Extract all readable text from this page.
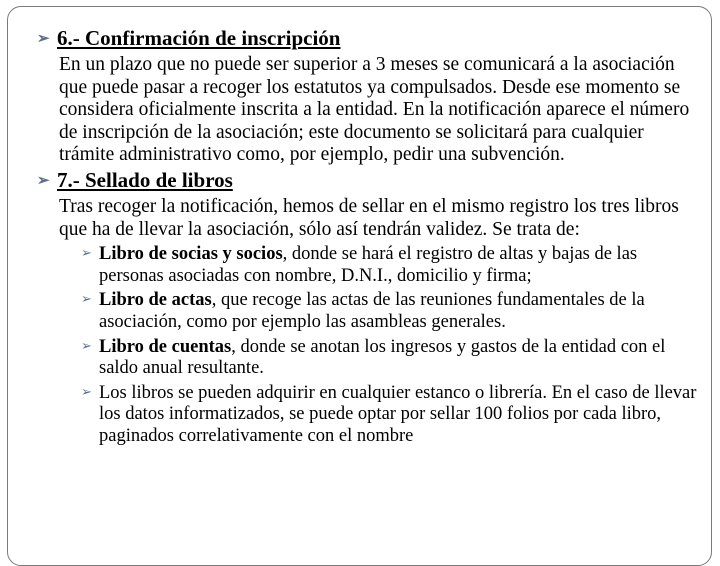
➢ 6.- Confirmación de inscripción

En un plazo que no puede ser superior a 3 meses se comunicará a la asociación que puede pasar a recoger los estatutos ya compulsados. Desde ese momento se considera oficialmente inscrita a la entidad. En la notificación aparece el número de inscripción de la asociación; este documento se solicitará para cualquier trámite administrativo como, por ejemplo, pedir una subvención.

➢ 7.- Sellado de libros

Tras recoger la notificación, hemos de sellar en el mismo registro los tres libros que ha de llevar la asociación, sólo así tendrán validez. Se trata de:

➢ Libro de socias y socios, donde se hará el registro de altas y bajas de las personas asociadas con nombre, D.N.I., domicilio y firma;
➢ Libro de actas, que recoge las actas de las reuniones fundamentales de la asociación, como por ejemplo las asambleas generales.
➢ Libro de cuentas, donde se anotan los ingresos y gastos de la entidad con el saldo anual resultante.
➢ Los libros se pueden adquirir en cualquier estanco o librería. En el caso de llevar los datos informatizados, se puede optar por sellar 100 folios por cada libro, paginados correlativamente con el nombre
